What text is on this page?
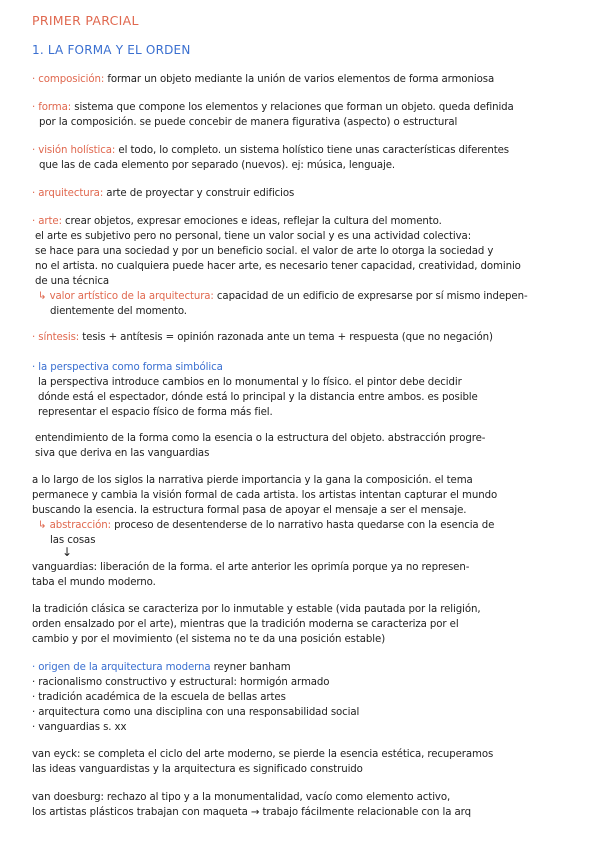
PRIMER PARCIAL
1. LA FORMA Y EL ORDEN
· composición: formar un objeto mediante la unión de varios elementos de forma armoniosa
· forma: sistema que compone los elementos y relaciones que forman un objeto. queda definida
por la composición. se puede concebir de manera figurativa (aspecto) o estructural
· visión holística: el todo, lo completo. un sistema holístico tiene unas características diferentes
que las de cada elemento por separado (nuevos). ej: música, lenguaje.
· arquitectura: arte de proyectar y construir edificios
· arte: crear objetos, expresar emociones e ideas, reflejar la cultura del momento.
el arte es subjetivo pero no personal, tiene un valor social y es una actividad colectiva:
se hace para una sociedad y por un beneficio social. el valor de arte lo otorga la sociedad y
no el artista. no cualquiera puede hacer arte, es necesario tener capacidad, creatividad, dominio
de una técnica
↳ valor artístico de la arquitectura: capacidad de un edificio de expresarse por sí mismo indepen-
dientemente del momento.
· síntesis: tesis + antítesis = opinión razonada ante un tema + respuesta (que no negación)
· la perspectiva como forma simbólica
la perspectiva introduce cambios en lo monumental y lo físico. el pintor debe decidir
dónde está el espectador, dónde está lo principal y la distancia entre ambos. es posible
representar el espacio físico de forma más fiel.
entendimiento de la forma como la esencia o la estructura del objeto. abstracción progre-
siva que deriva en las vanguardias
a lo largo de los siglos la narrativa pierde importancia y la gana la composición. el tema
permanece y cambia la visión formal de cada artista. los artistas intentan capturar el mundo
buscando la esencia. la estructura formal pasa de apoyar el mensaje a ser el mensaje.
↳ abstracción: proceso de desentenderse de lo narrativo hasta quedarse con la esencia de
las cosas
↓
vanguardias: liberación de la forma. el arte anterior les oprimía porque ya no represen-
taba el mundo moderno.
la tradición clásica se caracteriza por lo inmutable y estable (vida pautada por la religión,
orden ensalzado por el arte), mientras que la tradición moderna se caracteriza por el
cambio y por el movimiento (el sistema no te da una posición estable)
· origen de la arquitectura moderna reyner banham
· racionalismo constructivo y estructural: hormigón armado
· tradición académica de la escuela de bellas artes
· arquitectura como una disciplina con una responsabilidad social
· vanguardias s. xx
van eyck: se completa el ciclo del arte moderno, se pierde la esencia estética, recuperamos
las ideas vanguardistas y la arquitectura es significado construido
van doesburg: rechazo al tipo y a la monumentalidad, vacío como elemento activo,
los artistas plásticos trabajan con maqueta → trabajo fácilmente relacionable con la arq
